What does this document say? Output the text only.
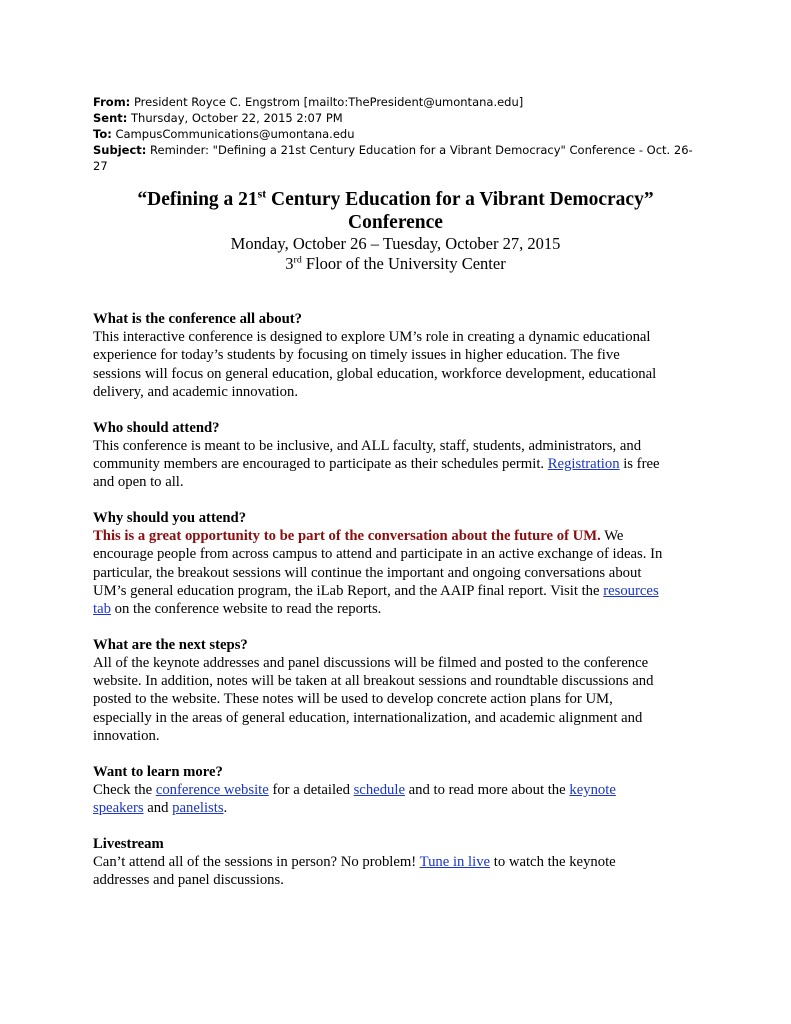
From: President Royce C. Engstrom [mailto:ThePresident@umontana.edu]
Sent: Thursday, October 22, 2015 2:07 PM
To: CampusCommunications@umontana.edu
Subject: Reminder: "Defining a 21st Century Education for a Vibrant Democracy" Conference - Oct. 26-
27
“Defining a 21st Century Education for a Vibrant Democracy”
Conference
Monday, October 26 – Tuesday, October 27, 2015
3rd Floor of the University Center
What is the conference all about?
This interactive conference is designed to explore UM’s role in creating a dynamic educational
experience for today’s students by focusing on timely issues in higher education. The five
sessions will focus on general education, global education, workforce development, educational
delivery, and academic innovation.
Who should attend?
This conference is meant to be inclusive, and ALL faculty, staff, students, administrators, and
community members are encouraged to participate as their schedules permit. Registration is free
and open to all.
Why should you attend?
This is a great opportunity to be part of the conversation about the future of UM. We
encourage people from across campus to attend and participate in an active exchange of ideas. In
particular, the breakout sessions will continue the important and ongoing conversations about
UM’s general education program, the iLab Report, and the AAIP final report. Visit the resources
tab on the conference website to read the reports.
What are the next steps?
All of the keynote addresses and panel discussions will be filmed and posted to the conference
website. In addition, notes will be taken at all breakout sessions and roundtable discussions and
posted to the website. These notes will be used to develop concrete action plans for UM,
especially in the areas of general education, internationalization, and academic alignment and
innovation.
Want to learn more?
Check the conference website for a detailed schedule and to read more about the keynote
speakers and panelists.
Livestream
Can’t attend all of the sessions in person? No problem! Tune in live to watch the keynote
addresses and panel discussions.
